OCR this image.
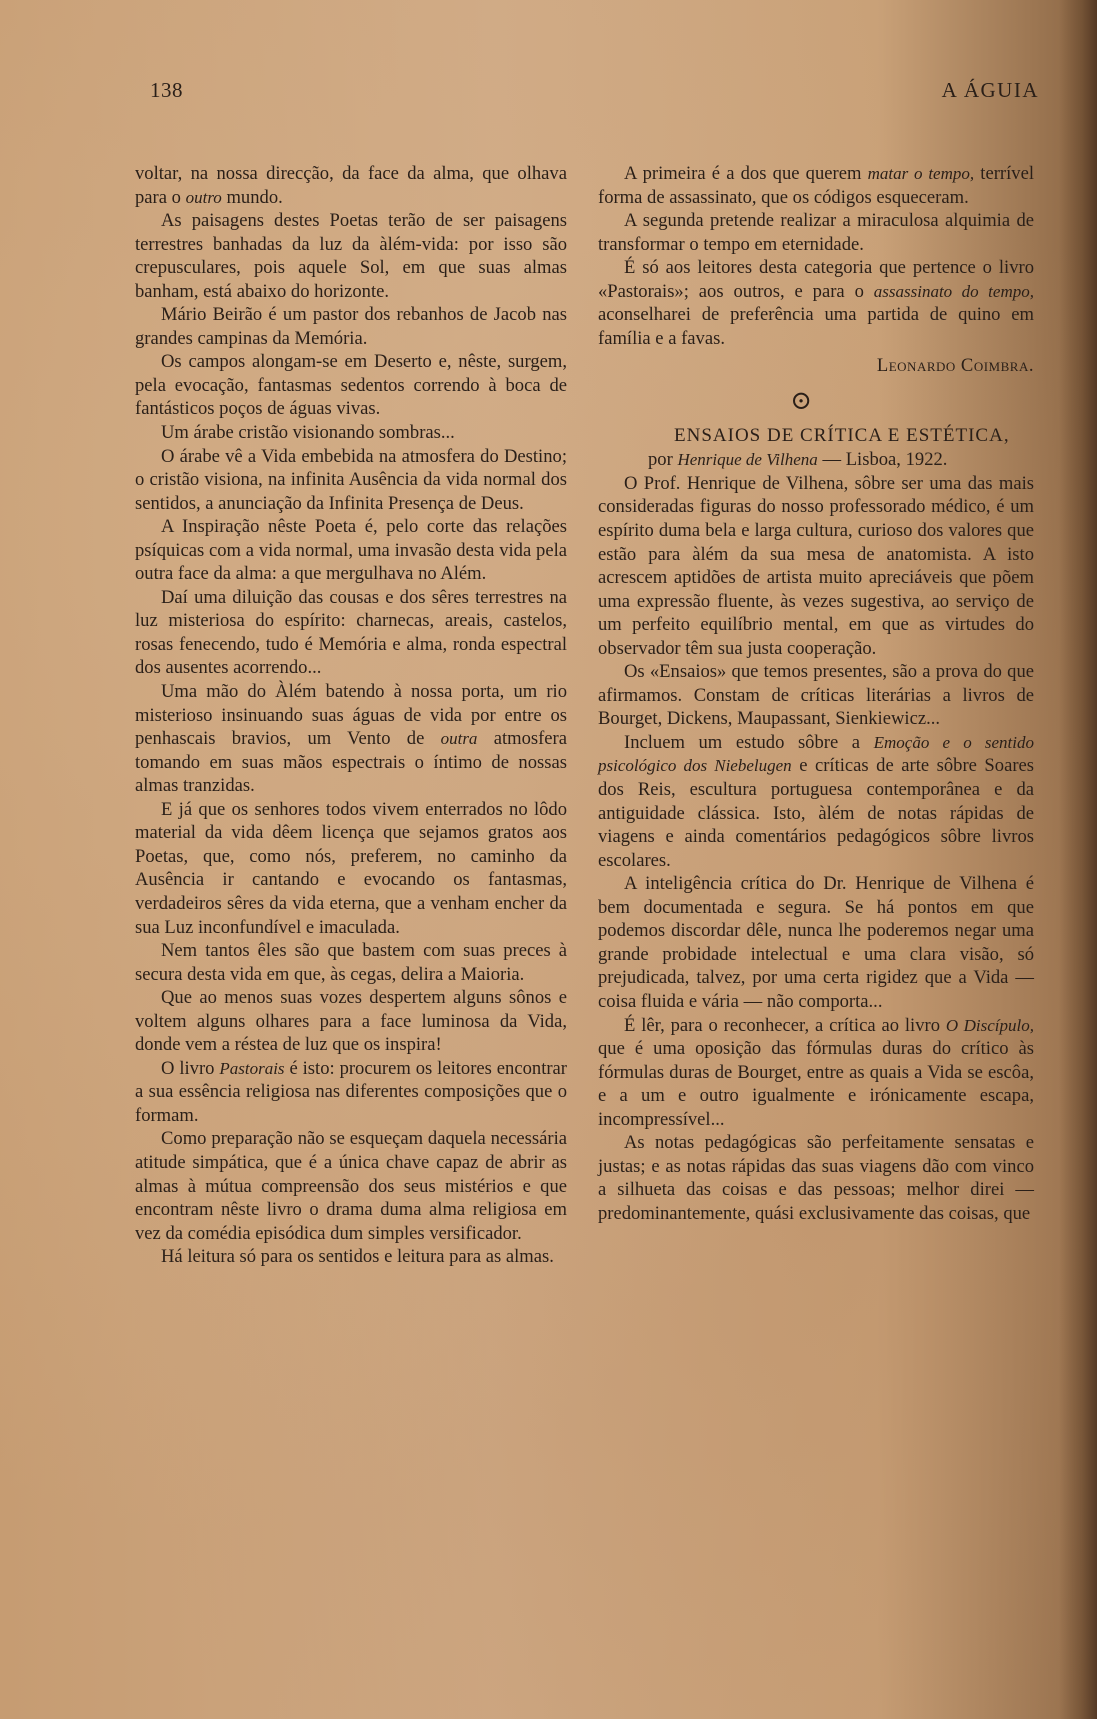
138	A ÁGUIA

voltar, na nossa direcção, da face da alma, que olhava para o outro mundo.

As paisagens destes Poetas terão de ser paisagens terrestres banhadas da luz da àlém-vida: por isso são crepusculares, pois aquele Sol, em que suas almas banham, está abaixo do horizonte.

Mário Beirão é um pastor dos rebanhos de Jacob nas grandes campinas da Memória.

Os campos alongam-se em Deserto e, nêste, surgem, pela evocação, fantasmas sedentos correndo à boca de fantásticos poços de águas vivas.

Um árabe cristão visionando sombras...

O árabe vê a Vida embebida na atmosfera do Destino; o cristão visiona, na infinita Ausência da vida normal dos sentidos, a anunciação da Infinita Presença de Deus.

A Inspiração nêste Poeta é, pelo corte das relações psíquicas com a vida normal, uma invasão desta vida pela outra face da alma: a que mergulhava no Além.

Daí uma diluição das cousas e dos sêres terrestres na luz misteriosa do espírito: charnecas, areais, castelos, rosas fenecendo, tudo é Memória e alma, ronda espectral dos ausentes acorrendo...

Uma mão do Àlém batendo à nossa porta, um rio misterioso insinuando suas águas de vida por entre os penhascais bravios, um Vento de outra atmosfera tomando em suas mãos espectrais o íntimo de nossas almas tranzidas.

E já que os senhores todos vivem enterrados no lôdo material da vida dêem licença que sejamos gratos aos Poetas, que, como nós, preferem, no caminho da Ausência ir cantando e evocando os fantasmas, verdadeiros sêres da vida eterna, que a venham encher da sua Luz inconfundível e imaculada.

Nem tantos êles são que bastem com suas preces à secura desta vida em que, às cegas, delira a Maioria.

Que ao menos suas vozes despertem alguns sônos e voltem alguns olhares para a face luminosa da Vida, donde vem a réstea de luz que os inspira!

O livro Pastorais é isto: procurem os leitores encontrar a sua essência religiosa nas diferentes composições que o formam.

Como preparação não se esqueçam daquela necessária atitude simpática, que é a única chave capaz de abrir as almas à mútua compreensão dos seus mistérios e que encontram nêste livro o drama duma alma religiosa em vez da comédia episódica dum simples versificador.

Há leitura só para os sentidos e leitura para as almas.

A primeira é a dos que querem matar o tempo, terrível forma de assassinato, que os códigos esqueceram.

A segunda pretende realizar a miraculosa alquimia de transformar o tempo em eternidade.

É só aos leitores desta categoria que pertence o livro «Pastorais»; aos outros, e para o assassinato do tempo, aconselharei de preferência uma partida de quino em família e a favas.

Leonardo Coimbra.
⊙

ENSAIOS DE CRÍTICA E ESTÉTICA, por Henrique de Vilhena — Lisboa, 1922.

O Prof. Henrique de Vilhena, sôbre ser uma das mais consideradas figuras do nosso professorado médico, é um espírito duma bela e larga cultura, curioso dos valores que estão para àlém da sua mesa de anatomista. A isto acrescem aptidões de artista muito apreciáveis que põem uma expressão fluente, às vezes sugestiva, ao serviço de um perfeito equilíbrio mental, em que as virtudes do observador têm sua justa cooperação.

Os «Ensaios» que temos presentes, são a prova do que afirmamos. Constam de críticas literárias a livros de Bourget, Dickens, Maupassant, Sienkiewicz...

Incluem um estudo sôbre a Emoção e o sentido psicológico dos Niebelugen e críticas de arte sôbre Soares dos Reis, escultura portuguesa contemporânea e da antiguidade clássica. Isto, àlém de notas rápidas de viagens e ainda comentários pedagógicos sôbre livros escolares.

A inteligência crítica do Dr. Henrique de Vilhena é bem documentada e segura. Se há pontos em que podemos discordar dêle, nunca lhe poderemos negar uma grande probidade intelectual e uma clara visão, só prejudicada, talvez, por uma certa rigidez que a Vida — coisa fluida e vária — não comporta...

É lêr, para o reconhecer, a crítica ao livro O Discípulo, que é uma oposição das fórmulas duras do crítico às fórmulas duras de Bourget, entre as quais a Vida se escôa, e a um e outro igualmente e irónicamente escapa, incompressível...

As notas pedagógicas são perfeitamente sensatas e justas; e as notas rápidas das suas viagens dão com vinco a silhueta das coisas e das pessoas; melhor direi — predominantemente, quási exclusivamente das coisas, que
